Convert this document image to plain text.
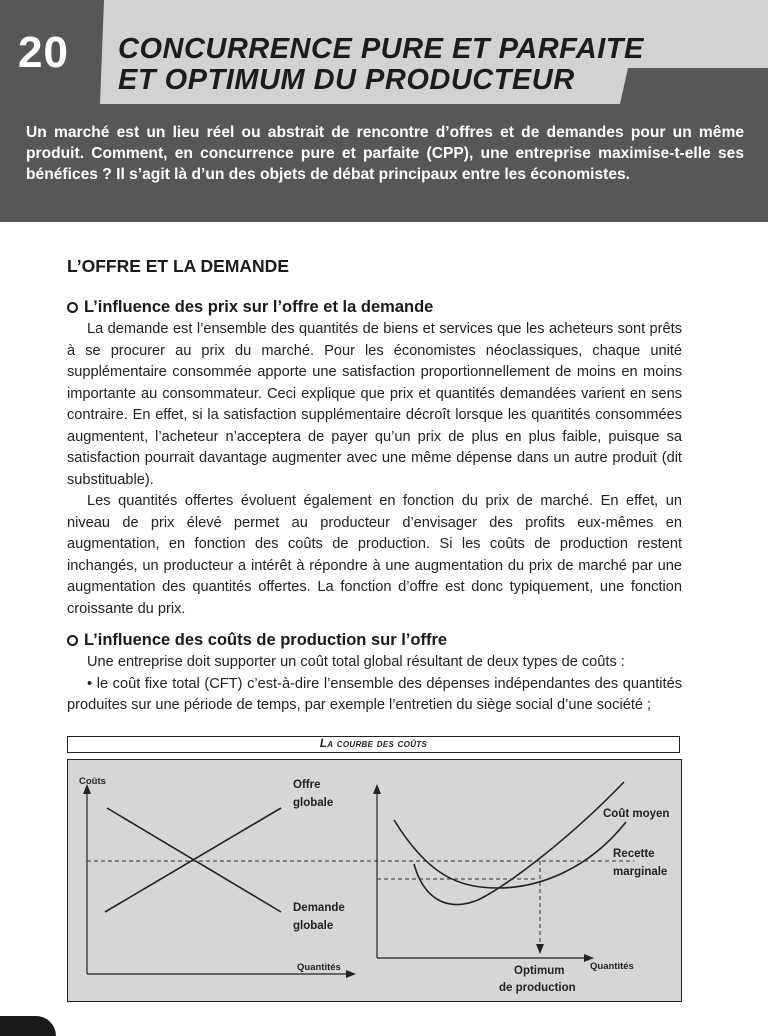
20	CONCURRENCE PURE ET PARFAITE
ET OPTIMUM DU PRODUCTEUR
Un marché est un lieu réel ou abstrait de rencontre d’offres et de demandes pour un même produit. Comment, en concurrence pure et parfaite (CPP), une entreprise maximise-t-elle ses bénéfices ? Il s’agit là d’un des objets de débat principaux entre les économistes.
L’OFFRE ET LA DEMANDE
L’influence des prix sur l’offre et la demande

La demande est l’ensemble des quantités de biens et services que les acheteurs sont prêts à se procurer au prix du marché. Pour les économistes néoclassiques, chaque unité supplémentaire consommée apporte une satisfaction proportionnellement de moins en moins importante au consommateur. Ceci explique que prix et quantités demandées varient en sens contraire. En effet, si la satisfaction supplémentaire décroît lorsque les quantités consommées augmentent, l’acheteur n’acceptera de payer qu’un prix de plus en plus faible, puisque sa satisfaction pourrait davantage augmenter avec une même dépense dans un autre produit (dit substituable).

Les quantités offertes évoluent également en fonction du prix de marché. En effet, un niveau de prix élevé permet au producteur d’envisager des profits eux-mêmes en augmentation, en fonction des coûts de production. Si les coûts de production restent inchangés, un producteur a intérêt à répondre à une augmentation du prix de marché par une augmentation des quantités offertes. La fonction d’offre est donc typiquement, une fonction croissante du prix.

L’influence des coûts de production sur l’offre

Une entreprise doit supporter un coût total global résultant de deux types de coûts :

• le coût fixe total (CFT) c’est-à-dire l’ensemble des dépenses indépendantes des quantités produites sur une période de temps, par exemple l’entretien du siège social d’une société ;

La courbe des coûts
Coûts
Quantités
Offre
globale
Demande
globale
Quantités
Coût moyen
Recette
marginale
Optimum
de production
